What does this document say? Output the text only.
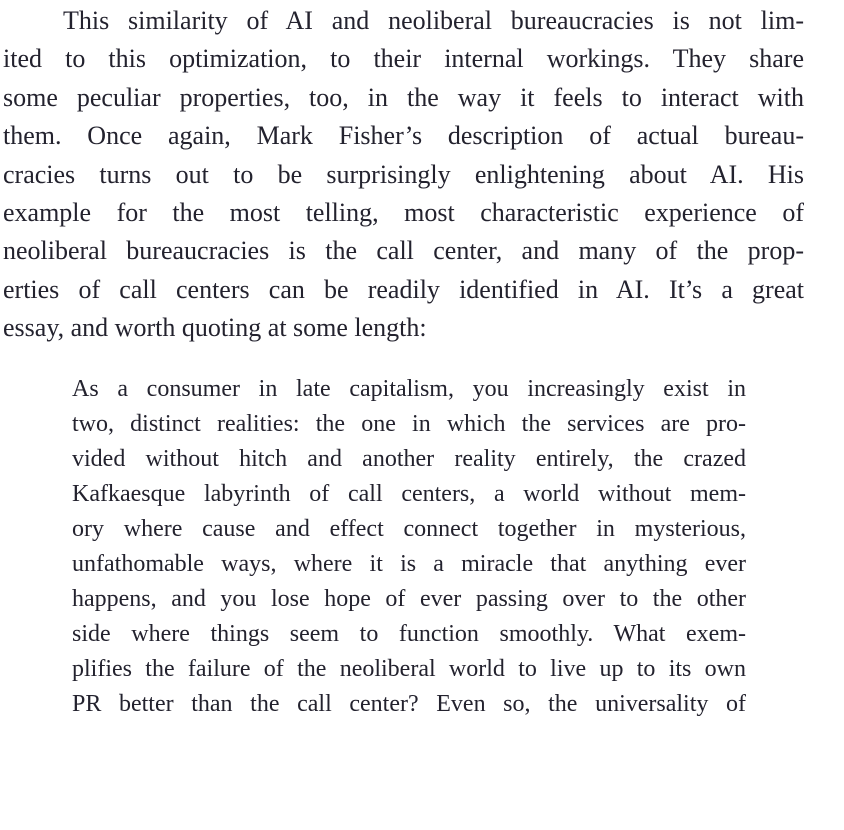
This similarity of AI and neoliberal bureaucracies is not lim-
ited to this optimization, to their internal workings. They share
some peculiar properties, too, in the way it feels to interact with
them. Once again, Mark Fisher’s description of actual bureau-
cracies turns out to be surprisingly enlightening about AI. His
example for the most telling, most characteristic experience of
neoliberal bureaucracies is the call center, and many of the prop-
erties of call centers can be readily identified in AI. It’s a great
essay, and worth quoting at some length:
As a consumer in late capitalism, you increasingly exist in
two, distinct realities: the one in which the services are pro-
vided without hitch and another reality entirely, the crazed
Kafkaesque labyrinth of call centers, a world without mem-
ory where cause and effect connect together in mysterious,
unfathomable ways, where it is a miracle that anything ever
happens, and you lose hope of ever passing over to the other
side where things seem to function smoothly. What exem-
plifies the failure of the neoliberal world to live up to its own
PR better than the call center? Even so, the universality of
